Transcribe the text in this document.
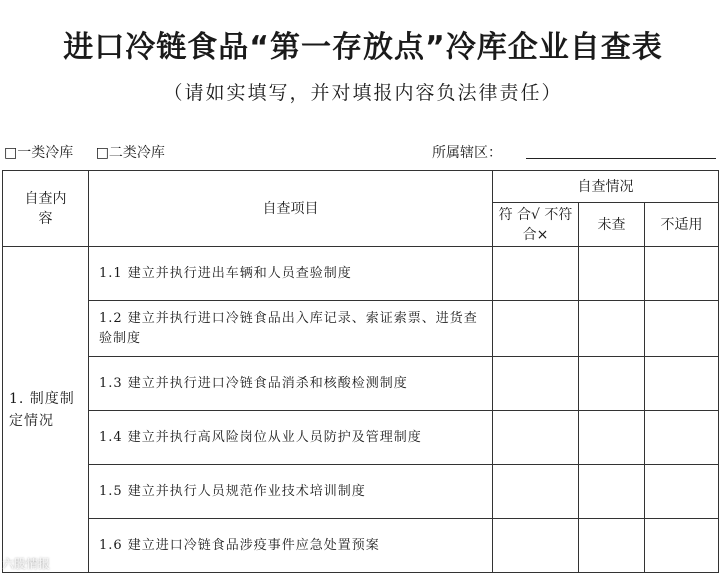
进口冷链食品“第一存放点”冷库企业自查表
（请如实填写，并对填报内容负法律责任）
□一类冷库 □二类冷库	所属辖区：
自查内容	自查项目	自查情况		

		符 合√ 不符合×	未查	不适用

1. 制度制定情况	1.1 建立并执行进出车辆和人员查验制度			
	1.2 建立并执行进口冷链食品出入库记录、索证索票、进货查验制度			
	1.3 建立并执行进口冷链食品消杀和核酸检测制度			
	1.4 建立并执行高风险岗位从业人员防护及管理制度			
	1.5 建立并执行人员规范作业技术培训制度			
	1.6 建立进口冷链食品涉疫事件应急处置预案			
六股情报
